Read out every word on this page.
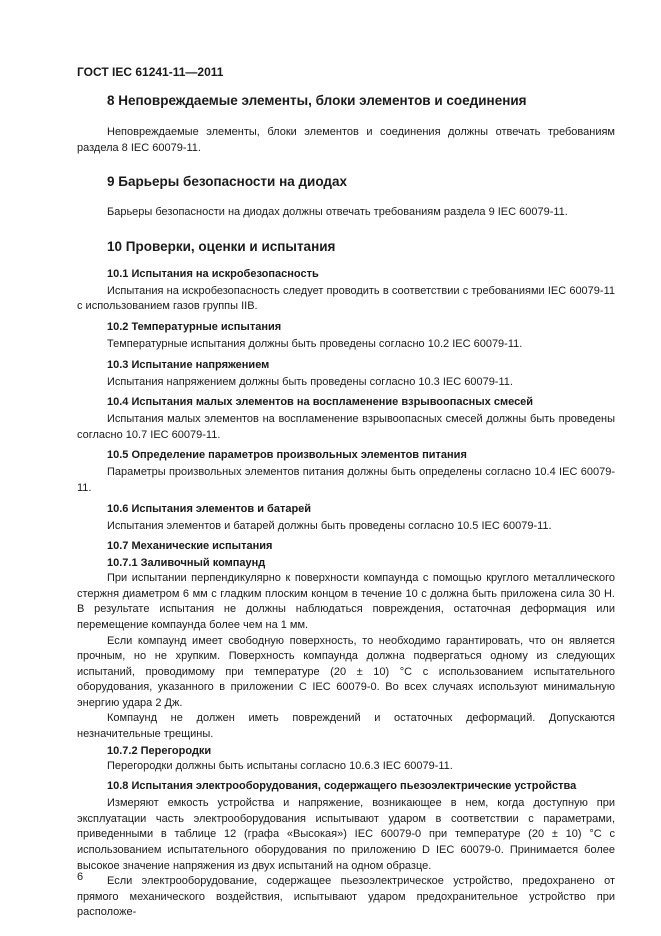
ГОСТ IEC 61241-11—2011
8 Неповреждаемые элементы, блоки элементов и соединения

Неповреждаемые элементы, блоки элементов и соединения должны отвечать требованиям раздела 8 IEC 60079-11.

9 Барьеры безопасности на диодах

Барьеры безопасности на диодах должны отвечать требованиям раздела 9 IEC 60079-11.

10 Проверки, оценки и испытания
10.1 Испытания на искробезопасность

Испытания на искробезопасность следует проводить в соответствии с требованиями IEC 60079-11 с использованием газов группы IIB.

10.2 Температурные испытания

Температурные испытания должны быть проведены согласно 10.2 IEC 60079-11.

10.3 Испытание напряжением

Испытания напряжением должны быть проведены согласно 10.3 IEC 60079-11.

10.4 Испытания малых элементов на воспламенение взрывоопасных смесей

Испытания малых элементов на воспламенение взрывоопасных смесей должны быть проведены согласно 10.7 IEC 60079-11.

10.5 Определение параметров произвольных элементов питания

Параметры произвольных элементов питания должны быть определены согласно 10.4 IEC 60079-11.

10.6 Испытания элементов и батарей

Испытания элементов и батарей должны быть проведены согласно 10.5 IEC 60079-11.

10.7 Механические испытания
10.7.1 Заливочный компаунд

При испытании перпендикулярно к поверхности компаунда с помощью круглого металлического стержня диаметром 6 мм с гладким плоским концом в течение 10 с должна быть приложена сила 30 Н. В результате испытания не должны наблюдаться повреждения, остаточная деформация или перемещение компаунда более чем на 1 мм.

Если компаунд имеет свободную поверхность, то необходимо гарантировать, что он является прочным, но не хрупким. Поверхность компаунда должна подвергаться одному из следующих испытаний, проводимому при температуре (20 ± 10) °С с использованием испытательного оборудования, указанного в приложении C IEC 60079-0. Во всех случаях используют минимальную энергию удара 2 Дж.

Компаунд не должен иметь повреждений и остаточных деформаций. Допускаются незначительные трещины.

10.7.2 Перегородки

Перегородки должны быть испытаны согласно 10.6.3 IEC 60079-11.

10.8 Испытания электрооборудования, содержащего пьезоэлектрические устройства

Измеряют емкость устройства и напряжение, возникающее в нем, когда доступную при эксплуатации часть электрооборудования испытывают ударом в соответствии с параметрами, приведенными в таблице 12 (графа «Высокая») IEC 60079-0 при температуре (20 ± 10) °С с использованием испытательного оборудования по приложению D IEC 60079-0. Принимается более высокое значение напряжения из двух испытаний на одном образце.

Если электрооборудование, содержащее пьезоэлектрическое устройство, предохранено от прямого механического воздействия, испытывают ударом предохранительное устройство при расположе-

6
